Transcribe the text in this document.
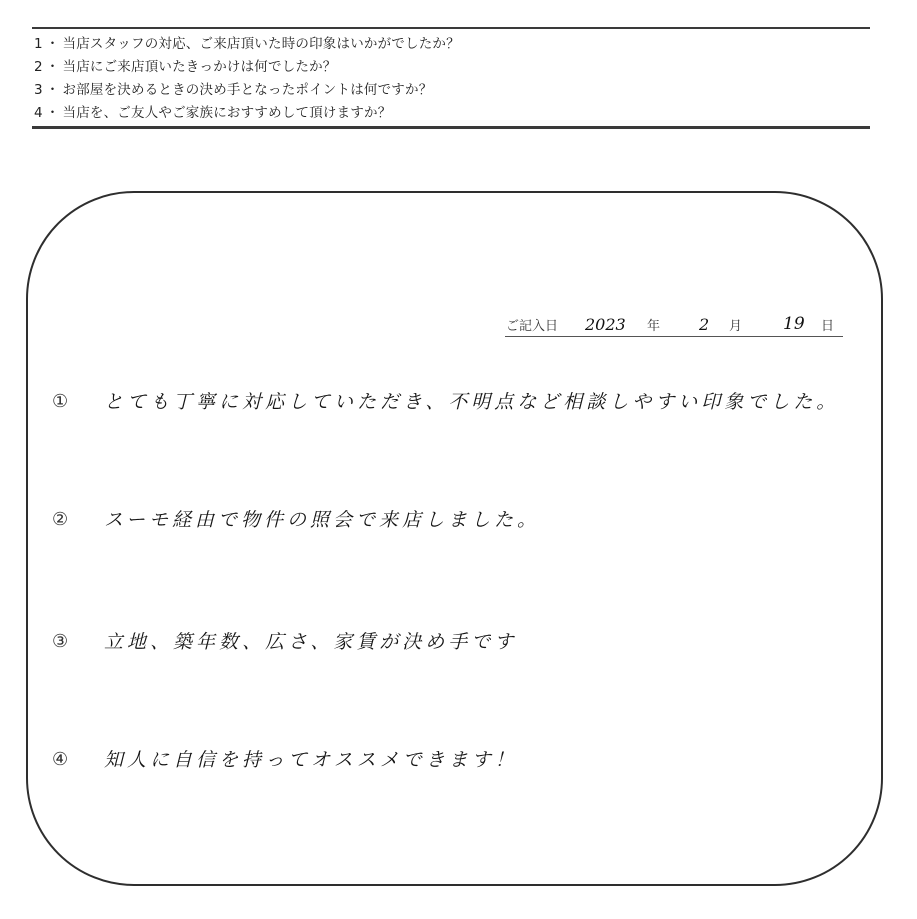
1 ・ 当店スタッフの対応、ご来店頂いた時の印象はいかがでしたか？
2 ・ 当店にご来店頂いたきっかけは何でしたか？
3 ・ お部屋を決めるときの決め手となったポイントは何ですか？
4 ・ 当店を、ご友人やご家族におすすめして頂けますか？
ご記入日 2023 年 2 月 19 日
① とても丁寧に対応していただき、不明点など相談しやすい印象でした。
② スーモ経由で物件の照会で来店しました。
③ 立地、築年数、広さ、家賃が決め手です
④ 知人に自信を持ってオススメできます！
